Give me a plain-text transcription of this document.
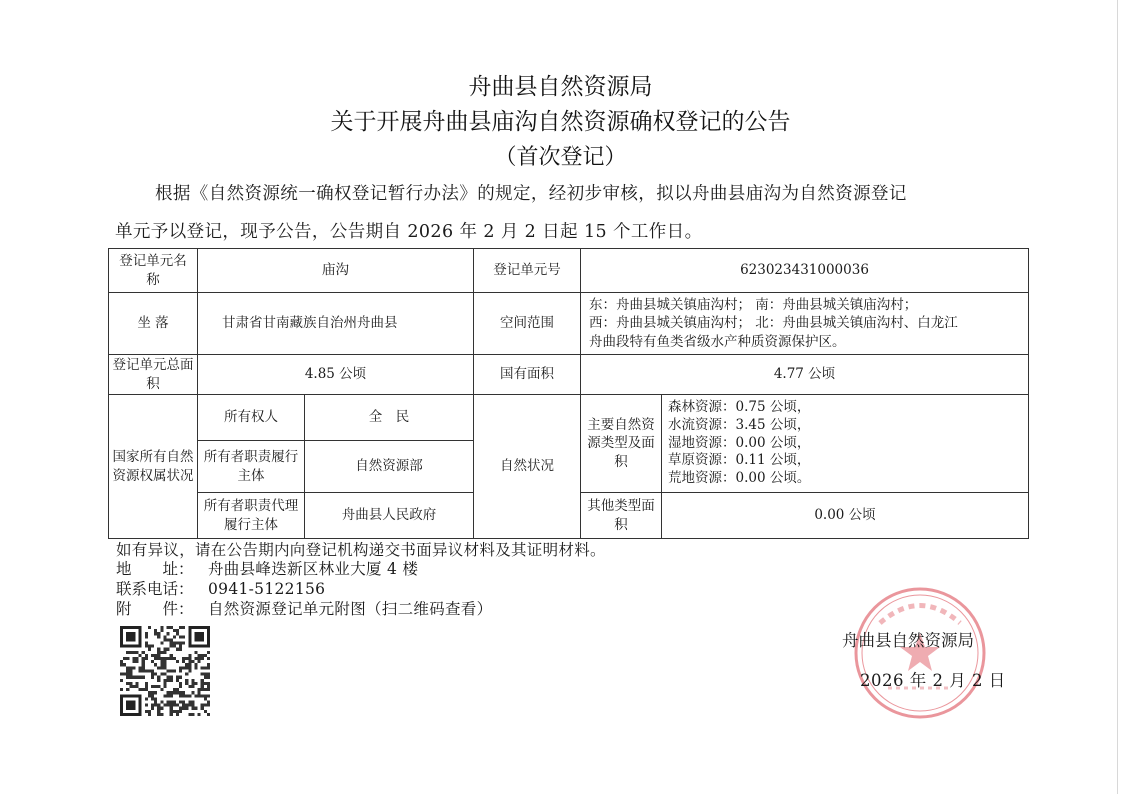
舟曲县自然资源局
关于开展舟曲县庙沟自然资源确权登记的公告
（首次登记）
根据《自然资源统一确权登记暂行办法》的规定，经初步审核，拟以舟曲县庙沟为自然资源登记
单元予以登记，现予公告，公告期自 2026 年 2 月 2 日起 15 个工作日。
登记单元名 称	庙沟		登记单元号	623023431000036	
坐 落	甘肃省甘南藏族自治州舟曲县		空间范围	东：舟曲县城关镇庙沟村； 南：舟曲县城关镇庙沟村；
西：舟曲县城关镇庙沟村； 北：舟曲县城关镇庙沟村、白龙江
舟曲段特有鱼类省级水产种质资源保护区。	

登记单元总面积	4.85 公顷		国有面积	4.77 公顷	
国家所有自然资源权属状况	所有权人	全　民	自然状况	主要自然资源类型及面积	森林资源：0.75 公顷，
水流资源：3.45 公顷，
湿地资源：0.00 公顷，
草原资源：0.11 公顷，
荒地资源：0.00 公顷。

	所有者职责履行主体	自然资源部			
	所有者职责代理履行主体	舟曲县人民政府		其他类型面 积	0.00 公顷
如有异议，请在公告期内向登记机构递交书面异议材料及其证明材料。
地　　址： 舟曲县峰迭新区林业大厦 4 楼
联系电话： 0941-5122156
附　　件： 自然资源登记单元附图（扫二维码查看）
舟曲县自然资源局
2026 年 2 月 2 日
